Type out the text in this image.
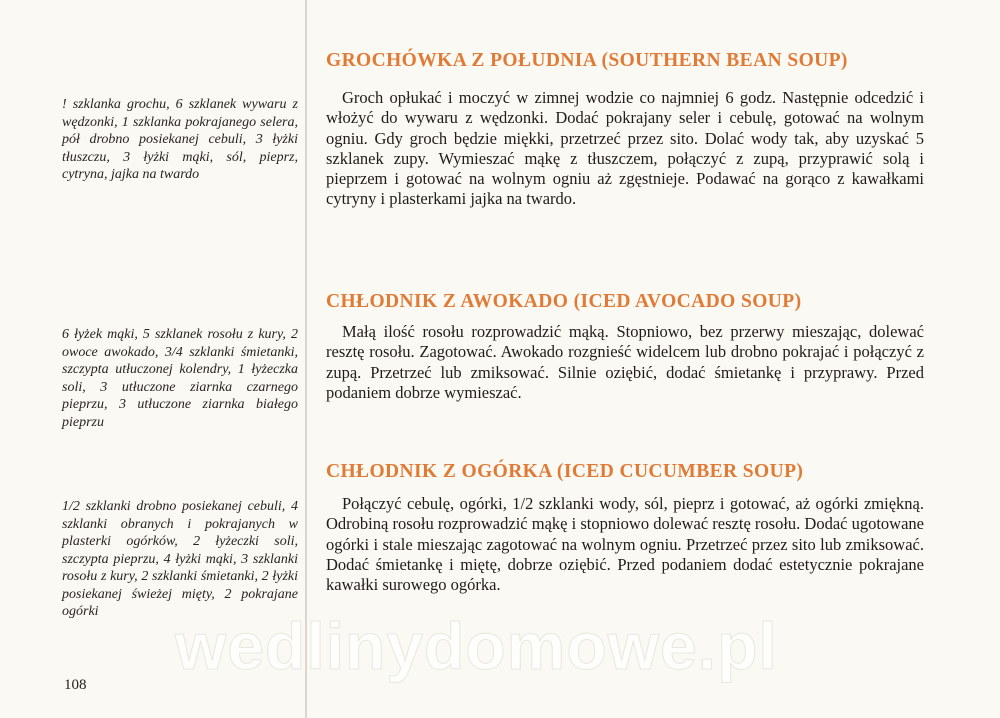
! szklanka grochu, 6 szklanek wywaru z wędzonki, 1 szklanka pokrajanego selera, pół drobno posiekanej cebuli, 3 łyżki tłuszczu, 3 łyżki mąki, sól, pieprz, cytryna, jajka na twardo
GROCHÓWKA Z POŁUDNIA (SOUTHERN BEAN SOUP)
Groch opłukać i moczyć w zimnej wodzie co najmniej 6 godz. Następnie odcedzić i włożyć do wywaru z wędzonki. Dodać pokrajany seler i cebulę, gotować na wolnym ogniu. Gdy groch będzie miękki, przetrzeć przez sito. Dolać wody tak, aby uzyskać 5 szklanek zupy. Wymieszać mąkę z tłuszczem, połączyć z zupą, przyprawić solą i pieprzem i gotować na wolnym ogniu aż zgęstnieje. Podawać na gorąco z kawałkami cytryny i plasterkami jajka na twardo.
6 łyżek mąki, 5 szklanek rosołu z kury, 2 owoce awokado, 3/4 szklanki śmietanki, szczypta utłuczonej kolendry, 1 łyżeczka soli, 3 utłuczone ziarnka czarnego pieprzu, 3 utłuczone ziarnka białego pieprzu
CHŁODNIK Z AWOKADO (ICED AVOCADO SOUP)
Małą ilość rosołu rozprowadzić mąką. Stopniowo, bez przerwy mieszając, dolewać resztę rosołu. Zagotować. Awokado rozgnieść widelcem lub drobno pokrajać i połączyć z zupą. Przetrzeć lub zmiksować. Silnie oziębić, dodać śmietankę i przyprawy. Przed podaniem dobrze wymieszać.
1/2 szklanki drobno posiekanej cebuli, 4 szklanki obranych i pokrajanych w plasterki ogórków, 2 łyżeczki soli, szczypta pieprzu, 4 łyżki mąki, 3 szklanki rosołu z kury, 2 szklanki śmietanki, 2 łyżki posiekanej świeżej mięty, 2 pokrajane ogórki
CHŁODNIK Z OGÓRKA (ICED CUCUMBER SOUP)
Połączyć cebulę, ogórki, 1/2 szklanki wody, sól, pieprz i gotować, aż ogórki zmiękną. Odrobiną rosołu rozprowadzić mąkę i stopniowo dolewać resztę rosołu. Dodać ugotowane ogórki i stale mieszając zagotować na wolnym ogniu. Przetrzeć przez sito lub zmiksować. Dodać śmietankę i miętę, dobrze oziębić. Przed podaniem dodać estetycznie pokrajane kawałki surowego ogórka.
108
wedlinydomowe.pl
